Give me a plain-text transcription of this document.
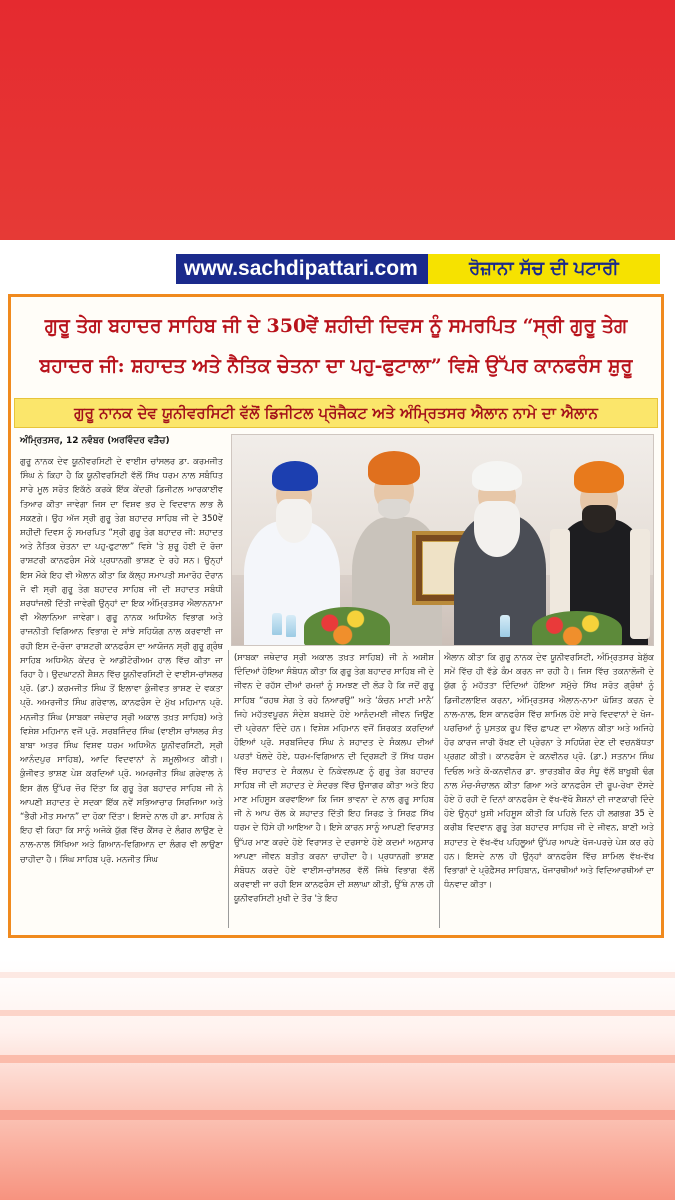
www.sachdipattari.com	ਰੋਜ਼ਾਨਾ ਸੱਚ ਦੀ ਪਟਾਰੀ
ਗੁਰੂ ਤੇਗ ਬਹਾਦਰ ਸਾਹਿਬ ਜੀ ਦੇ 350ਵੇਂ ਸ਼ਹੀਦੀ ਦਿਵਸ ਨੂੰ ਸਮਰਪਿਤ “ਸ੍ਰੀ ਗੁਰੂ ਤੇਗ ਬਹਾਦਰ ਜੀ: ਸ਼ਹਾਦਤ ਅਤੇ ਨੈਤਿਕ ਚੇਤਨਾ ਦਾ ਪਹੁ-ਫੁਟਾਲਾ” ਵਿਸ਼ੇ ਉੱਪਰ ਕਾਨਫਰੰਸ ਸ਼ੁਰੂ
ਗੁਰੂ ਨਾਨਕ ਦੇਵ ਯੂਨੀਵਰਸਿਟੀ ਵੱਲੋਂ ਡਿਜੀਟਲ ਪ੍ਰੋਜੈਕਟ ਅਤੇ ਅੰਮ੍ਰਿਤਸਰ ਐਲਾਨ ਨਾਮੇ ਦਾ ਐਲਾਨ
ਅੰਮ੍ਰਿਤਸਰ, 12 ਨਵੰਬਰ (ਅਰਵਿੰਦਰ ਵੜੈਚ)
ਗੁਰੂ ਨਾਨਕ ਦੇਵ ਯੂਨੀਵਰਸਿਟੀ ਦੇ ਵਾਈਸ ਚਾਂਸਲਰ ਡਾ. ਕਰਮਜੀਤ ਸਿੰਘ ਨੇ ਕਿਹਾ ਹੈ ਕਿ ਯੂਨੀਵਰਸਿਟੀ ਵੱਲੋਂ ਸਿੱਖ ਧਰਮ ਨਾਲ ਸਬੰਧਿਤ ਸਾਰੇ ਮੂਲ ਸਰੋਤ ਇਕੱਠੇ ਕਰਕੇ ਇੱਕ ਕੇਂਦਰੀ ਡਿਜੀਟਲ ਆਰਕਾਈਵ ਤਿਆਰ ਕੀਤਾ ਜਾਵੇਗਾ ਜਿਸ ਦਾ ਵਿਸ਼ਵ ਭਰ ਦੇ ਵਿਦਵਾਨ ਲਾਭ ਲੈ ਸਕਣਗੇ। ਉਹ ਅੱਜ ਸ੍ਰੀ ਗੁਰੂ ਤੇਗ ਬਹਾਦਰ ਸਾਹਿਬ ਜੀ ਦੇ 350ਵੇਂ ਸ਼ਹੀਦੀ ਦਿਵਸ ਨੂੰ ਸਮਰਪਿਤ “ਸ੍ਰੀ ਗੁਰੂ ਤੇਗ ਬਹਾਦਰ ਜੀ: ਸ਼ਹਾਦਤ ਅਤੇ ਨੈਤਿਕ ਚੇਤਨਾ ਦਾ ਪਹੁ-ਫੁਟਾਲਾ” ਵਿਸ਼ੇ 'ਤੇ ਸ਼ੁਰੂ ਹੋਈ ਦੋ ਰੋਜ਼ਾ ਰਾਸ਼ਟਰੀ ਕਾਨਫਰੰਸ ਮੌਕੇ ਪ੍ਰਧਾਨਗੀ ਭਾਸ਼ਣ ਦੇ ਰਹੇ ਸਨ। ਉਨ੍ਹਾਂ ਇਸ ਮੌਕੇ ਇਹ ਵੀ ਐਲਾਨ ਕੀਤਾ ਕਿ ਕੱਲ੍ਹ ਸਮਾਪਤੀ ਸਮਾਰੋਹ ਦੌਰਾਨ ਜੋ ਵੀ ਸ੍ਰੀ ਗੁਰੂ ਤੇਗ ਬਹਾਦਰ ਸਾਹਿਬ ਜੀ ਦੀ ਸ਼ਹਾਦਤ ਸਬੰਧੀ ਸ਼ਰਧਾਂਜਲੀ ਦਿੱਤੀ ਜਾਵੇਗੀ ਉਨ੍ਹਾਂ ਦਾ ਇਕ ਅੰਮ੍ਰਿਤਸਰ ਐਲਾਨਨਾਮਾ ਵੀ ਐਲਾਨਿਆ ਜਾਵੇਗਾ। ਗੁਰੂ ਨਾਨਕ ਅਧਿਐਨ ਵਿਭਾਗ ਅਤੇ ਰਾਜਨੀਤੀ ਵਿਗਿਆਨ ਵਿਭਾਗ ਦੇ ਸਾਂਝੇ ਸਹਿਯੋਗ ਨਾਲ ਕਰਵਾਈ ਜਾ ਰਹੀ ਇਸ ਦੋ-ਰੋਜ਼ਾ ਰਾਸ਼ਟਰੀ ਕਾਨਫਰੰਸ ਦਾ ਆਯੋਜਨ ਸ੍ਰੀ ਗੁਰੂ ਗ੍ਰੰਥ ਸਾਹਿਬ ਅਧਿਐਨ ਕੇਂਦਰ ਦੇ ਆਡੀਟੋਰੀਅਮ ਹਾਲ ਵਿੱਚ ਕੀਤਾ ਜਾ ਰਿਹਾ ਹੈ। ਉਦਘਾਟਨੀ ਸ਼ੈਸ਼ਨ ਵਿੱਚ ਯੂਨੀਵਰਸਿਟੀ ਦੇ ਵਾਈਸ-ਚਾਂਸਲਰ ਪ੍ਰੋ. (ਡਾ.) ਕਰਮਜੀਤ ਸਿੰਘ ਤੋਂ ਇਲਾਵਾ ਕੁੰਜੀਵਤ ਭਾਸ਼ਣ ਦੇ ਵਕਤਾ ਪ੍ਰੋ. ਅਮਰਜੀਤ ਸਿੰਘ ਗਰੇਵਾਲ, ਕਾਨਫਰੰਸ ਦੇ ਮੁੱਖ ਮਹਿਮਾਨ ਪ੍ਰੋ. ਮਨਜੀਤ ਸਿੰਘ (ਸਾਬਕਾ ਜਥੇਦਾਰ ਸ੍ਰੀ ਅਕਾਲ ਤਖ਼ਤ ਸਾਹਿਬ) ਅਤੇ ਵਿਸ਼ੇਸ਼ ਮਹਿਮਾਨ ਵਜੋਂ ਪ੍ਰੋ. ਸਰਬਜਿੰਦਰ ਸਿੰਘ (ਵਾਈਸ ਚਾਂਸਲਰ ਸੰਤ ਬਾਬਾ ਅਤਰ ਸਿੰਘ ਵਿਸ਼ਵ ਧਰਮ ਅਧਿਐਨ ਯੂਨੀਵਰਸਿਟੀ, ਸ੍ਰੀ ਆਨੰਦਪੁਰ ਸਾਹਿਬ), ਆਦਿ ਵਿਦਵਾਨਾਂ ਨੇ ਸ਼ਮੂਲੀਅਤ ਕੀਤੀ। ਕੁੰਜੀਵਤ ਭਾਸ਼ਣ ਪੇਸ਼ ਕਰਦਿਆਂ ਪ੍ਰੋ. ਅਮਰਜੀਤ ਸਿੰਘ ਗਰੇਵਾਲ ਨੇ ਇਸ ਗੱਲ ਉੱਪਰ ਜ਼ੋਰ ਦਿੱਤਾ ਕਿ ਗੁਰੂ ਤੇਗ ਬਹਾਦਰ ਸਾਹਿਬ ਜੀ ਨੇ ਆਪਣੀ ਸ਼ਹਾਦਤ ਦੇ ਸਦਕਾ ਇੱਕ ਨਵੇਂ ਸਭਿਆਚਾਰ ਸਿਰਜਿਆ ਅਤੇ “ਭੈਰੀ ਮੀਤ ਸਮਾਨ” ਦਾ ਹੋਕਾ ਦਿੱਤਾ। ਇਸਦੇ ਨਾਲ ਹੀ ਡਾ. ਸਾਹਿਬ ਨੇ ਇਹ ਵੀ ਕਿਹਾ ਕਿ ਸਾਨੂੰ ਅਜੋਕੇ ਯੁੱਗ ਵਿੱਚ ਕੈਂਸਰ ਦੇ ਲੰਗਰ ਲਾਉਣ ਦੇ ਨਾਲ-ਨਾਲ ਸਿੱਖਿਆ ਅਤੇ ਗਿਆਨ-ਵਿਗਿਆਨ ਦਾ ਲੰਗਰ ਵੀ ਲਾਉਣਾ ਚਾਹੀਦਾ ਹੈ। ਸਿੰਘ ਸਾਹਿਬ ਪ੍ਰੋ. ਮਨਜੀਤ ਸਿੰਘ
(ਸਾਬਕਾ ਜਥੇਦਾਰ ਸ੍ਰੀ ਅਕਾਲ ਤਖ਼ਤ ਸਾਹਿਬ) ਜੀ ਨੇ ਅਸ਼ੀਸ਼ ਦਿੰਦਿਆਂ ਹੋਇਆ ਸੰਬੋਧਨ ਕੀਤਾ ਕਿ ਗੁਰੂ ਤੇਗ ਬਹਾਦਰ ਸਾਹਿਬ ਜੀ ਦੇ ਜੀਵਨ ਦੇ ਰਹੱਸ ਦੀਆਂ ਰਮਜ਼ਾਂ ਨੂੰ ਸਮਝਣ ਦੀ ਲੋੜ ਹੈ ਕਿ ਜਦੋਂ ਗੁਰੂ ਸਾਹਿਬ “ਰਹਥ ਸੇਗ ਤੇ ਰਹੇ ਨਿਆਰਉ” ਅਤੇ ‘ਕੰਚਨ ਮਾਟੀ ਮਾਨੈ’ ਜਿਹੇ ਮਹੱਤਵਪੂਰਨ ਸੰਦੇਸ਼ ਬਖਸ਼ਦੇ ਹੋਏ ਆਨੰਦਮਈ ਜੀਵਨ ਜਿਉਣ ਦੀ ਪ੍ਰੇਰਨਾ ਦਿੰਦੇ ਹਨ। ਵਿਸ਼ੇਸ਼ ਮਹਿਮਾਨ ਵਜੋਂ ਸ਼ਿਰਕਤ ਕਰਦਿਆਂ ਹੋਇਆਂ ਪ੍ਰੋ. ਸਰਬਜਿੰਦਰ ਸਿੰਘ ਨੇ ਸ਼ਹਾਦਤ ਦੇ ਸੰਕਲਪ ਦੀਆਂ ਪਰਤਾਂ ਖੋਲਦੇ ਹੋਏ, ਧਰਮ-ਵਿਗਿਆਨ ਦੀ ਦ੍ਰਿਸ਼ਟੀ ਤੋਂ ਸਿੱਖ ਧਰਮ ਵਿੱਚ ਸ਼ਹਾਦਤ ਦੇ ਸੰਕਲਪ ਦੇ ਨਿਕੇਵਲਪਣ ਨੂੰ ਗੁਰੂ ਤੇਗ ਬਹਾਦਰ ਸਾਹਿਬ ਜੀ ਦੀ ਸ਼ਹਾਦਤ ਦੇ ਸੰਦਰਭ ਵਿੱਚ ਉਜਾਗਰ ਕੀਤਾ ਅਤੇ ਇਹ ਮਾਣ ਮਹਿਸੂਸ ਕਰਵਾਇਆ ਕਿ ਜਿਸ ਭਾਵਨਾ ਦੇ ਨਾਲ ਗੁਰੂ ਸਾਹਿਬ ਜੀ ਨੇ ਆਪ ਚੱਲ ਕੇ ਸ਼ਹਾਦਤ ਦਿੱਤੀ ਇਹ ਸਿਰਫ਼ ਤੇ ਸਿਰਫ਼ ਸਿੱਖ ਧਰਮ ਦੇ ਹਿੱਸੇ ਹੀ ਆਇਆ ਹੈ। ਇਸੇ ਕਾਰਨ ਸਾਨੂੰ ਆਪਣੀ ਵਿਰਾਸਤ ਉੱਪਰ ਮਾਣ ਕਰਦੇ ਹੋਏ ਵਿਰਾਸਤ ਦੇ ਦਰਸਾਏ ਹੋਏ ਕਦਮਾਂ ਅਨੁਸਾਰ ਆਪਣਾ ਜੀਵਨ ਬਤੀਤ ਕਰਨਾ ਚਾਹੀਦਾ ਹੈ। ਪ੍ਰਧਾਨਗੀ ਭਾਸ਼ਣ ਸੰਬੋਧਨ ਕਰਦੇ ਹੋਏ ਵਾਈਸ-ਚਾਂਸਲਰ ਵੱਲੋਂ ਜਿੱਥੇ ਵਿਭਾਗ ਵੱਲੋਂ ਕਰਵਾਈ ਜਾ ਰਹੀ ਇਸ ਕਾਨਫਰੰਸ ਦੀ ਸ਼ਲਾਘਾ ਕੀਤੀ, ਉੱਥੇ ਨਾਲ ਹੀ ਯੂਨੀਵਰਸਿਟੀ ਮੁਖੀ ਦੇ ਤੌਰ 'ਤੇ ਇਹ
ਐਲਾਨ ਕੀਤਾ ਕਿ ਗੁਰੂ ਨਾਨਕ ਦੇਵ ਯੂਨੀਵਰਸਿਟੀ, ਅੰਮ੍ਰਿਤਸਰ ਬੇਸ਼ੁੱਕ ਸਮੇਂ ਵਿੱਚ ਹੀ ਵੱਡੇ ਕੰਮ ਕਰਨ ਜਾ ਰਹੀ ਹੈ। ਜਿਸ ਵਿੱਚ ਤਕਨਾਲੋਜੀ ਦੇ ਯੁੱਗ ਨੂੰ ਮਹੱਤਤਾ ਦਿੰਦਿਆਂ ਹੋਇਆ ਸਮੁੱਚੇ ਸਿੱਖ ਸਰੋਤ ਗ੍ਰੰਥਾਂ ਨੂੰ ਡਿਜੀਟਲਾਇਜ਼ ਕਰਨਾ, ਅੰਮ੍ਰਿਤਸਰ ਐਲਾਨ-ਨਾਮਾ ਘੋਸ਼ਿਤ ਕਰਨ ਦੇ ਨਾਲ-ਨਾਲ, ਇਸ ਕਾਨਫਰੰਸ ਵਿੱਚ ਸ਼ਾਮਿਲ ਹੋਏ ਸਾਰੇ ਵਿਦਵਾਨਾਂ ਦੇ ਖੋਜ-ਪਰਚਿਆਂ ਨੂੰ ਪੁਸਤਕ ਰੂਪ ਵਿੱਚ ਛਾਪਣ ਦਾ ਐਲਾਨ ਕੀਤਾ ਅਤੇ ਅਜਿਹੇ ਹੋਰ ਕਾਰਜ ਜਾਰੀ ਰੱਖਣ ਦੀ ਪ੍ਰੇਰਨਾ ਤੇ ਸਹਿਯੋਗ ਦੇਣ ਦੀ ਵਚਨਬੱਧਤਾ ਪ੍ਰਗਟ ਕੀਤੀ। ਕਾਨਫਰੰਸ ਦੇ ਕਨਵੀਨਰ ਪ੍ਰੋ. (ਡਾ.) ਸਤਨਾਮ ਸਿੰਘ ਦਿਓਲ ਅਤੇ ਕੋ-ਕਨਵੀਨਰ ਡਾ. ਭਾਰਤਬੀਰ ਕੌਰ ਸੰਧੂ ਵੱਲੋਂ ਬਾਖੂਬੀ ਢੰਗ ਨਾਲ ਮੰਚ-ਸੰਚਾਲਨ ਕੀਤਾ ਗਿਆ ਅਤੇ ਕਾਨਫਰੰਸ ਦੀ ਰੂਪ-ਰੇਖਾ ਦੱਸਦੇ ਹੋਏ ਹੋ ਰਹੀ ਦੋ ਦਿਨਾਂ ਕਾਨਫਰੰਸ ਦੇ ਵੱਖ-ਵੱਖੋ ਸ਼ੈਸ਼ਨਾਂ ਦੀ ਜਾਣਕਾਰੀ ਦਿੰਦੇ ਹੋਏ ਉਨ੍ਹਾਂ ਖ਼ੁਸ਼ੀ ਮਹਿਸੂਸ ਕੀਤੀ ਕਿ ਪਹਿਲੇ ਦਿਨ ਹੀ ਲਗਭਗ 35 ਦੇ ਕਰੀਬ ਵਿਦਵਾਨ ਗੁਰੂ ਤੇਗ ਬਹਾਦਰ ਸਾਹਿਬ ਜੀ ਦੇ ਜੀਵਨ, ਬਾਣੀ ਅਤੇ ਸ਼ਹਾਦਤ ਦੇ ਵੱਖ-ਵੱਖ ਪਹਿਲੂਆਂ ਉੱਪਰ ਆਪਣੇ ਖੋਜ-ਪਰਚੇ ਪੇਸ਼ ਕਰ ਰਹੇ ਹਨ। ਇਸਦੇ ਨਾਲ ਹੀ ਉਨ੍ਹਾਂ ਕਾਨਫਰੰਸ ਵਿੱਚ ਸ਼ਾਮਿਲ ਵੱਖ-ਵੱਖ ਵਿਭਾਗਾਂ ਦੇ ਪ੍ਰੋਫ਼ੈਸਰ ਸਾਹਿਬਾਨ, ਖੋਜਾਰਥੀਆਂ ਅਤੇ ਵਿਦਿਆਰਥੀਆਂ ਦਾ ਧੰਨਵਾਦ ਕੀਤਾ।
